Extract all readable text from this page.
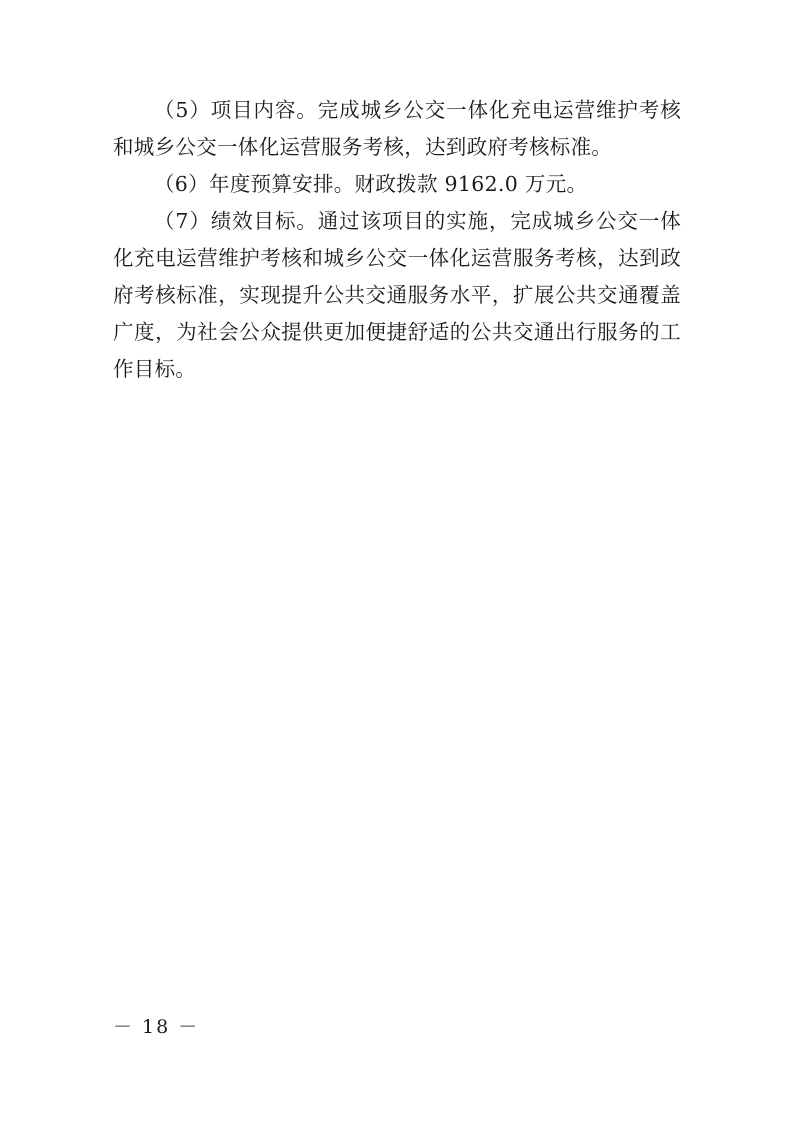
（5）项目内容。完成城乡公交一体化充电运营维护考核和城乡公交一体化运营服务考核，达到政府考核标准。

（6）年度预算安排。财政拨款 9162.0 万元。

（7）绩效目标。通过该项目的实施，完成城乡公交一体化充电运营维护考核和城乡公交一体化运营服务考核，达到政府考核标准，实现提升公共交通服务水平，扩展公共交通覆盖广度，为社会公众提供更加便捷舒适的公共交通出行服务的工作目标。

－ 18 －
